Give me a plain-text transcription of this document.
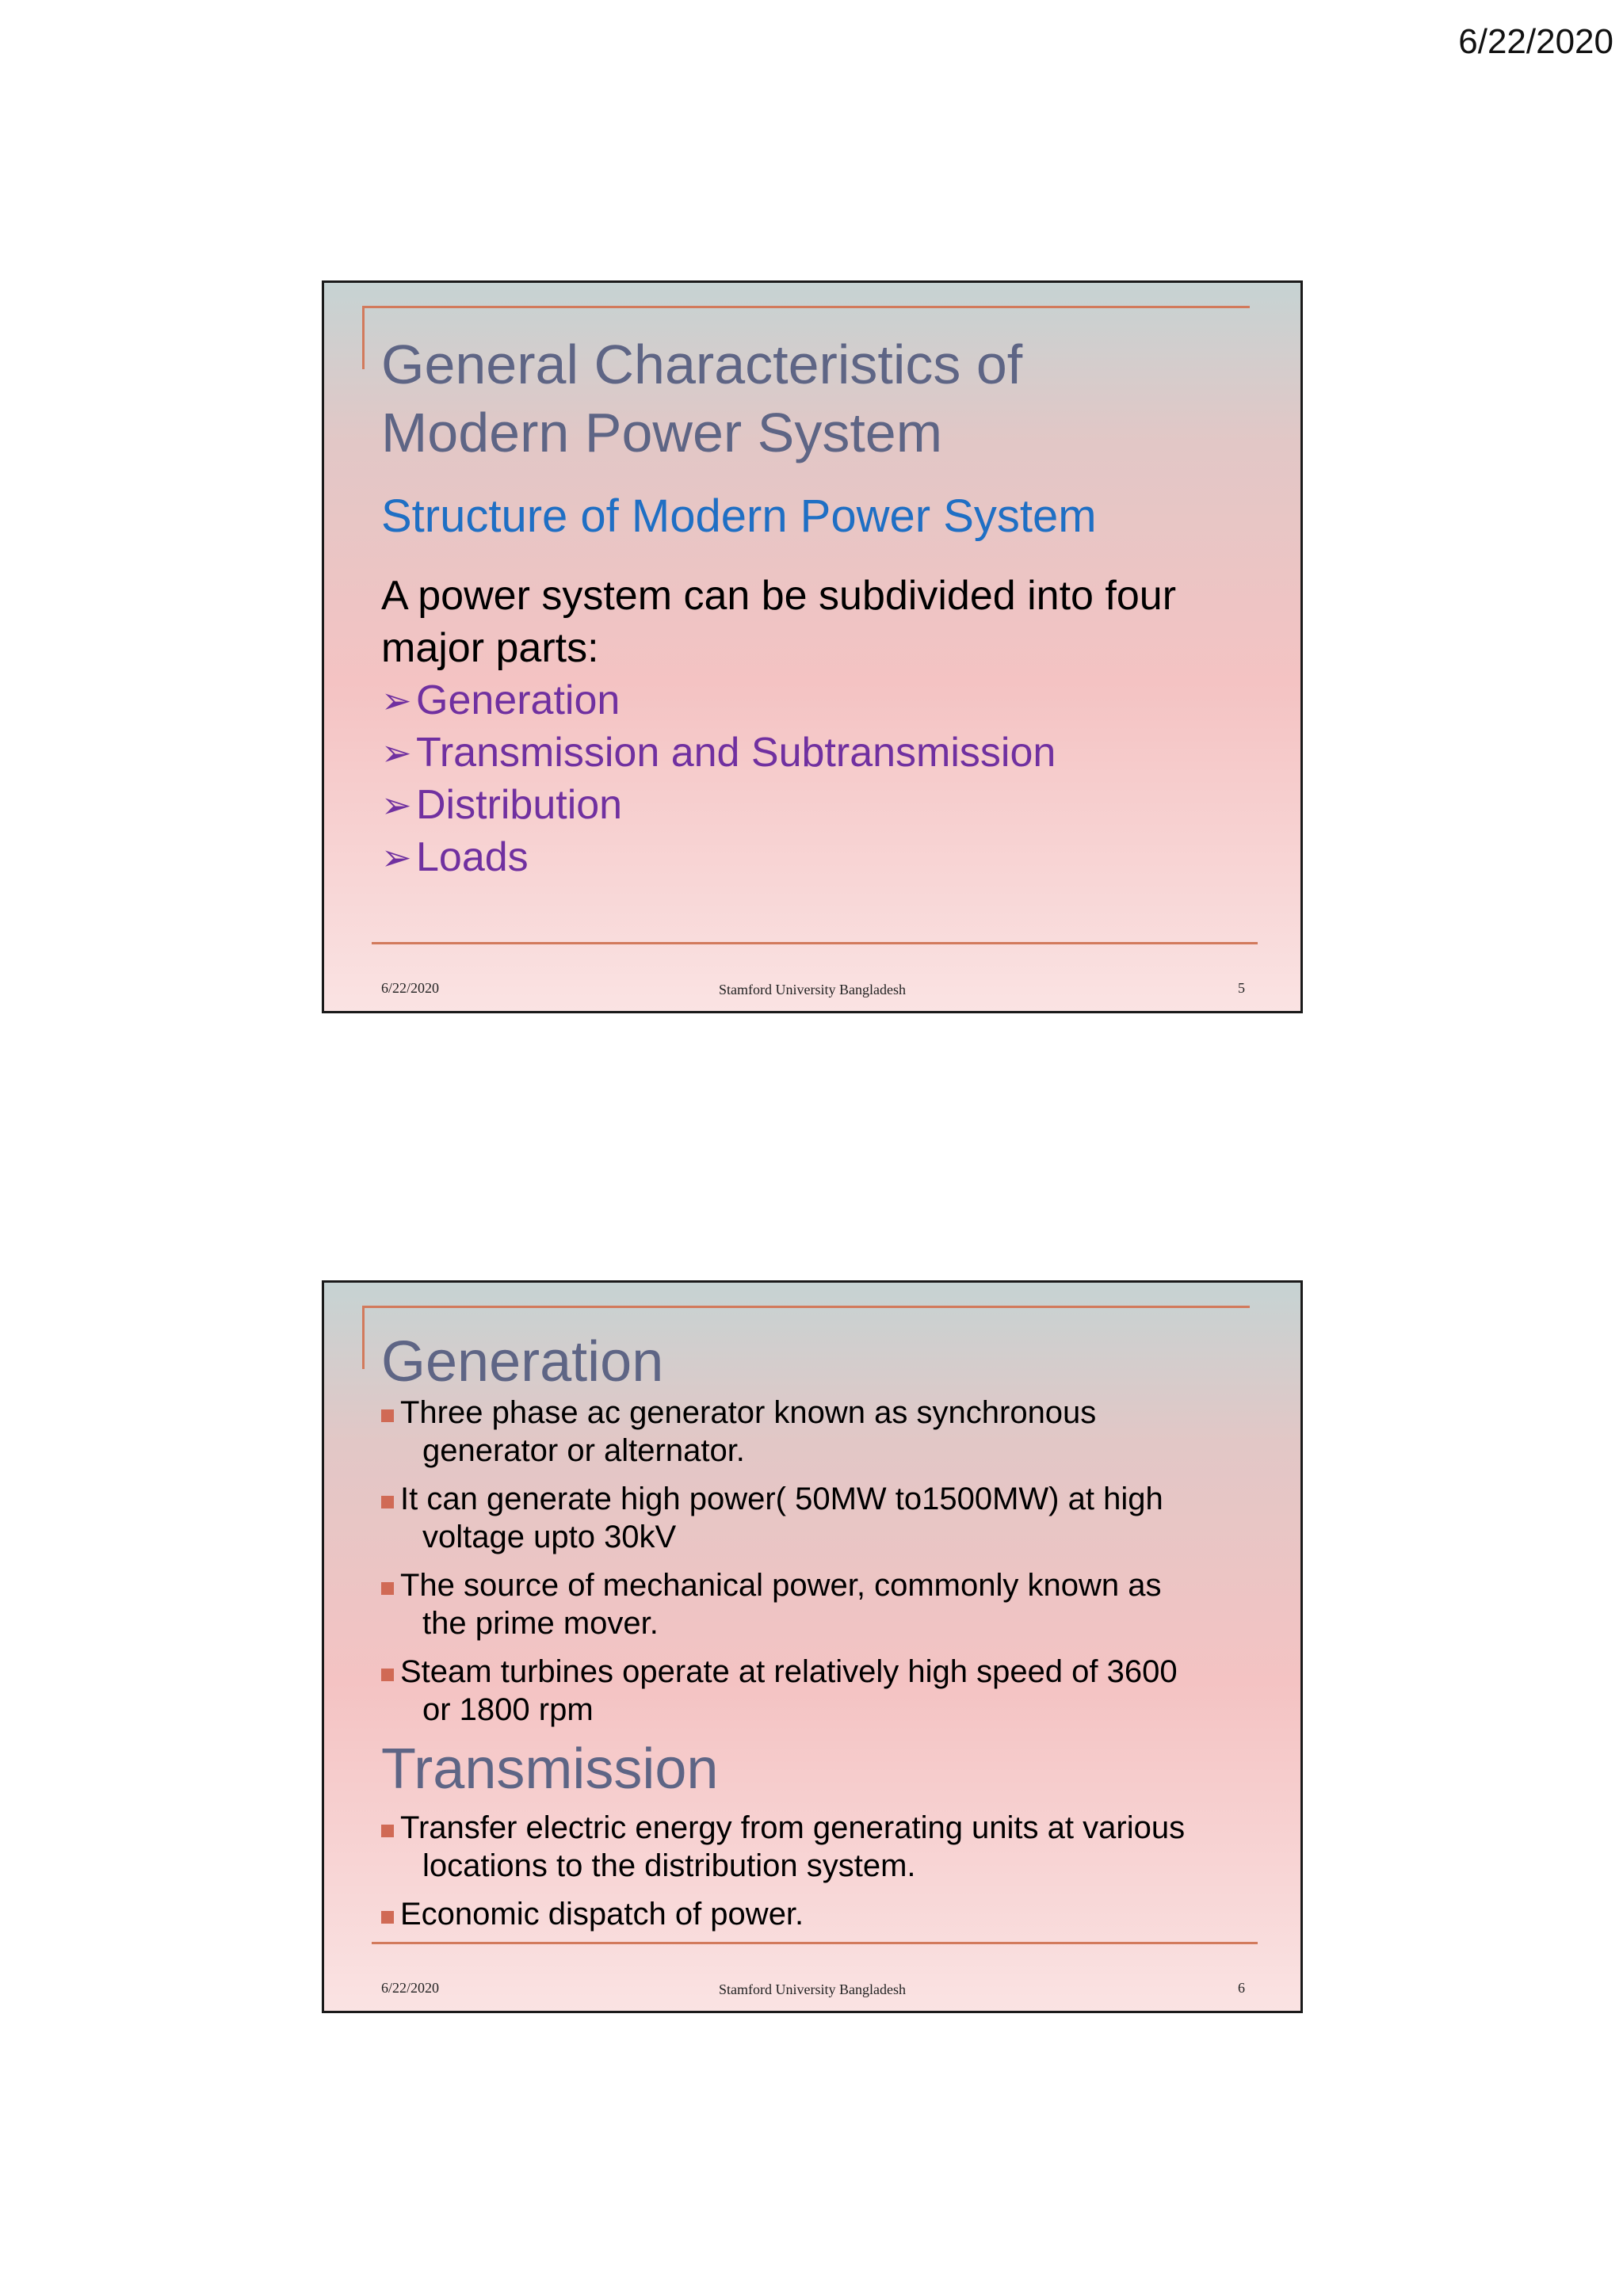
6/22/2020
General Characteristics of
Modern Power System
Structure of Modern Power System
A power system can be subdivided into four
major parts:
➢ Generation
➢ Transmission and Subtransmission
➢ Distribution
➢ Loads
6/22/2020	Stamford University Bangladesh	5
Generation
Three phase ac generator known as synchronous
generator or alternator.
It can generate high power( 50MW to1500MW) at high
voltage upto 30kV
The source of mechanical power, commonly known as
the prime mover.
Steam turbines operate at relatively high speed of 3600
or 1800 rpm
Transmission
Transfer electric energy from generating units at various
locations to the distribution system.
Economic dispatch of power.
6/22/2020	Stamford University Bangladesh	6
